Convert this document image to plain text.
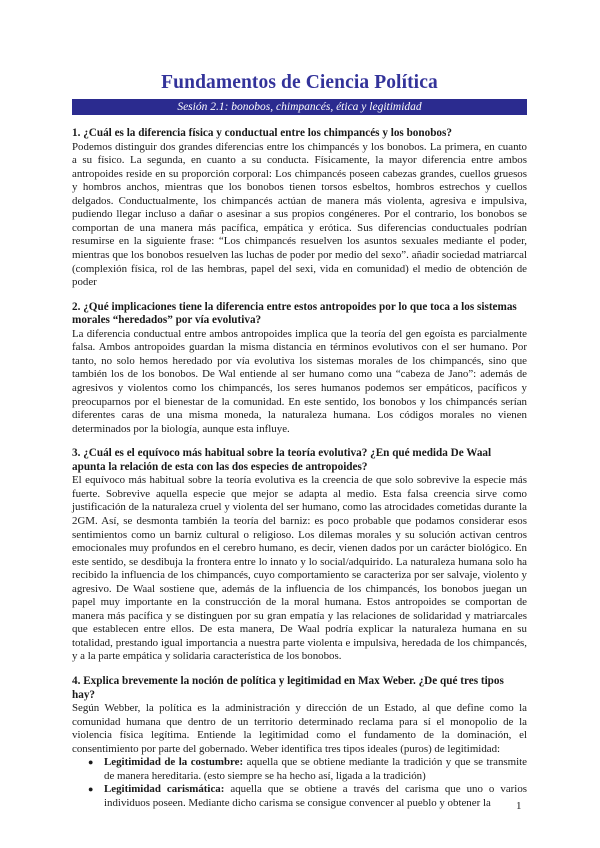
Fundamentos de Ciencia Política
Sesión 2.1: bonobos, chimpancés, ética y legitimidad

1. ¿Cuál es la diferencia física y conductual entre los chimpancés y los bonobos?

Podemos distinguir dos grandes diferencias entre los chimpancés y los bonobos. La primera, en cuanto a su físico. La segunda, en cuanto a su conducta. Físicamente, la mayor diferencia entre ambos antropoides reside en su proporción corporal: Los chimpancés poseen cabezas grandes, cuellos gruesos y hombros anchos, mientras que los bonobos tienen torsos esbeltos, hombros estrechos y cuellos delgados. Conductualmente, los chimpancés actúan de manera más violenta, agresiva e impulsiva, pudiendo llegar incluso a dañar o asesinar a sus propios congéneres. Por el contrario, los bonobos se comportan de una manera más pacífica, empática y erótica. Sus diferencias conductuales podrían resumirse en la siguiente frase: “Los chimpancés resuelven los asuntos sexuales mediante el poder, mientras que los bonobos resuelven las luchas de poder por medio del sexo”. añadir sociedad matriarcal (complexión física, rol de las hembras, papel del sexi, vida en comunidad) el medio de obtención de poder

2. ¿Qué implicaciones tiene la diferencia entre estos antropoides por lo que toca a los sistemas morales “heredados” por vía evolutiva?

La diferencia conductual entre ambos antropoides implica que la teoría del gen egoísta es parcialmente falsa. Ambos antropoides guardan la misma distancia en términos evolutivos con el ser humano. Por tanto, no solo hemos heredado por vía evolutiva los sistemas morales de los chimpancés, sino que también los de los bonobos. De Wal entiende al ser humano como una “cabeza de Jano”: además de agresivos y violentos como los chimpancés, los seres humanos podemos ser empáticos, pacíficos y preocuparnos por el bienestar de la comunidad. En este sentido, los bonobos y los chimpancés serían diferentes caras de una misma moneda, la naturaleza humana. Los códigos morales no vienen determinados por la biología, aunque esta influye.

3. ¿Cuál es el equívoco más habitual sobre la teoría evolutiva? ¿En qué medida De Waal apunta la relación de esta con las dos especies de antropoides?

El equívoco más habitual sobre la teoría evolutiva es la creencia de que solo sobrevive la especie más fuerte. Sobrevive aquella especie que mejor se adapta al medio. Esta falsa creencia sirve como justificación de la naturaleza cruel y violenta del ser humano, como las atrocidades cometidas durante la 2GM. Así, se desmonta también la teoría del barniz: es poco probable que podamos considerar esos sentimientos como un barniz cultural o religioso. Los dilemas morales y su solución activan centros emocionales muy profundos en el cerebro humano, es decir, vienen dados por un carácter biológico. En este sentido, se desdibuja la frontera entre lo innato y lo social/adquirido. La naturaleza humana solo ha recibido la influencia de los chimpancés, cuyo comportamiento se caracteriza por ser salvaje, violento y agresivo. De Waal sostiene que, además de la influencia de los chimpancés, los bonobos juegan un papel muy importante en la construcción de la moral humana. Estos antropoides se comportan de manera más pacífica y se distinguen por su gran empatía y las relaciones de solidaridad y matriarcales que establecen entre ellos. De esta manera, De Waal podría explicar la naturaleza humana en su totalidad, prestando igual importancia a nuestra parte violenta e impulsiva, heredada de los chimpancés, y a la parte empática y solidaria característica de los bonobos.

4. Explica brevemente la noción de política y legitimidad en Max Weber. ¿De qué tres tipos hay?

Según Webber, la política es la administración y dirección de un Estado, al que define como la comunidad humana que dentro de un territorio determinado reclama para sí el monopolio de la violencia física legítima. Entiende la legitimidad como el fundamento de la dominación, el consentimiento por parte del gobernado. Weber identifica tres tipos ideales (puros) de legitimidad:

● Legitimidad de la costumbre: aquella que se obtiene mediante la tradición y que se transmite de manera hereditaria. (esto siempre se ha hecho así, ligada a la tradición)
● Legitimidad carismática: aquella que se obtiene a través del carisma que uno o varios individuos poseen. Mediante dicho carisma se consigue convencer al pueblo y obtener la	1
